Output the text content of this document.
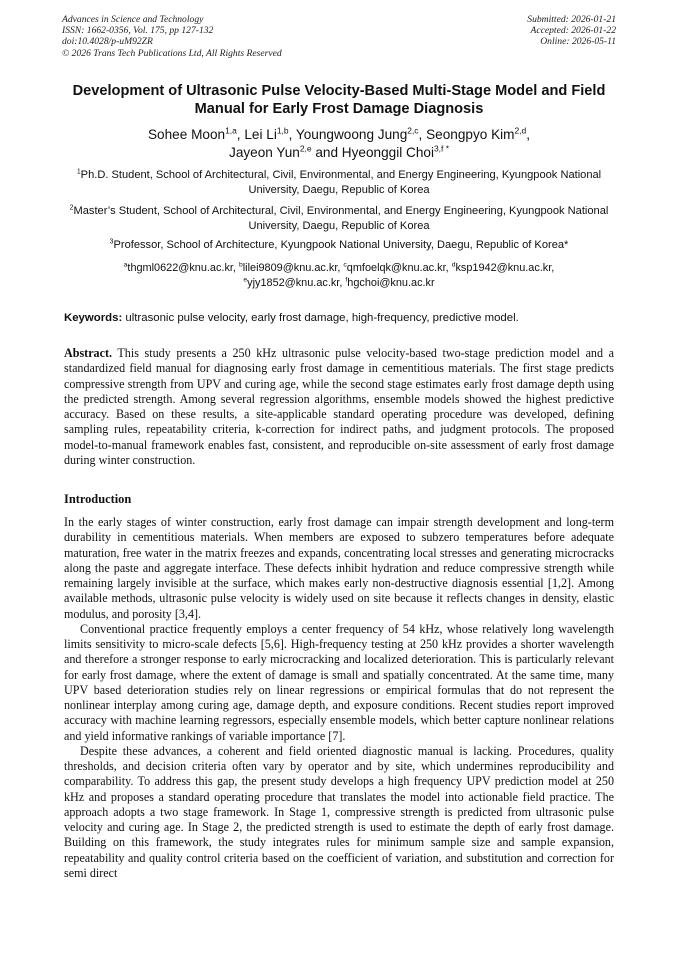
Advances in Science and Technology
ISSN: 1662-0356, Vol. 175, pp 127-132
doi:10.4028/p-uM92ZR
© 2026 Trans Tech Publications Ltd, All Rights Reserved
Submitted: 2026-01-21
Accepted: 2026-01-22
Online: 2026-05-11
Development of Ultrasonic Pulse Velocity-Based Multi-Stage Model and Field Manual for Early Frost Damage Diagnosis
Sohee Moon$^{1,a}$, Lei Li$^{1,b}$, Youngwoong Jung$^{2,c}$, Seongpyo Kim$^{2,d}$,
Jayeon Yun$^{2,e}$ and Hyeonggil Choi$^{3,f *}$
$^1$Ph.D. Student, School of Architectural, Civil, Environmental, and Energy Engineering, Kyungpook National University, Daegu, Republic of Korea
$^2$Master’s Student, School of Architectural, Civil, Environmental, and Energy Engineering, Kyungpook National University, Daegu, Republic of Korea
$^3$Professor, School of Architecture, Kyungpook National University, Daegu, Republic of Korea*
$^a$thgml0622@knu.ac.kr, $^b$lilei9809@knu.ac.kr, $^c$qmfoelqk@knu.ac.kr, $^d$ksp1942@knu.ac.kr,
$^e$yjy1852@knu.ac.kr, $^f$hgchoi@knu.ac.kr
Keywords: ultrasonic pulse velocity, early frost damage, high-frequency, predictive model.
Abstract. This study presents a 250 kHz ultrasonic pulse velocity-based two-stage prediction model and a standardized field manual for diagnosing early frost damage in cementitious materials. The first stage predicts compressive strength from UPV and curing age, while the second stage estimates early frost damage depth using the predicted strength. Among several regression algorithms, ensemble models showed the highest predictive accuracy. Based on these results, a site-applicable standard operating procedure was developed, defining sampling rules, repeatability criteria, k-correction for indirect paths, and judgment protocols. The proposed model-to-manual framework enables fast, consistent, and reproducible on-site assessment of early frost damage during winter construction.
Introduction

In the early stages of winter construction, early frost damage can impair strength development and long-term durability in cementitious materials. When members are exposed to subzero temperatures before adequate maturation, free water in the matrix freezes and expands, concentrating local stresses and generating microcracks along the paste and aggregate interface. These defects inhibit hydration and reduce compressive strength while remaining largely invisible at the surface, which makes early non-destructive diagnosis essential [1,2]. Among available methods, ultrasonic pulse velocity is widely used on site because it reflects changes in density, elastic modulus, and porosity [3,4].

Conventional practice frequently employs a center frequency of 54 kHz, whose relatively long wavelength limits sensitivity to micro-scale defects [5,6]. High-frequency testing at 250 kHz provides a shorter wavelength and therefore a stronger response to early microcracking and localized deterioration. This is particularly relevant for early frost damage, where the extent of damage is small and spatially concentrated. At the same time, many UPV based deterioration studies rely on linear regressions or empirical formulas that do not represent the nonlinear interplay among curing age, damage depth, and exposure conditions. Recent studies report improved accuracy with machine learning regressors, especially ensemble models, which better capture nonlinear relations and yield informative rankings of variable importance [7].

Despite these advances, a coherent and field oriented diagnostic manual is lacking. Procedures, quality thresholds, and decision criteria often vary by operator and by site, which undermines reproducibility and comparability. To address this gap, the present study develops a high frequency UPV prediction model at 250 kHz and proposes a standard operating procedure that translates the model into actionable field practice. The approach adopts a two stage framework. In Stage 1, compressive strength is predicted from ultrasonic pulse velocity and curing age. In Stage 2, the predicted strength is used to estimate the depth of early frost damage. Building on this framework, the study integrates rules for minimum sample size and sample expansion, repeatability and quality control criteria based on the coefficient of variation, and substitution and correction for semi direct
